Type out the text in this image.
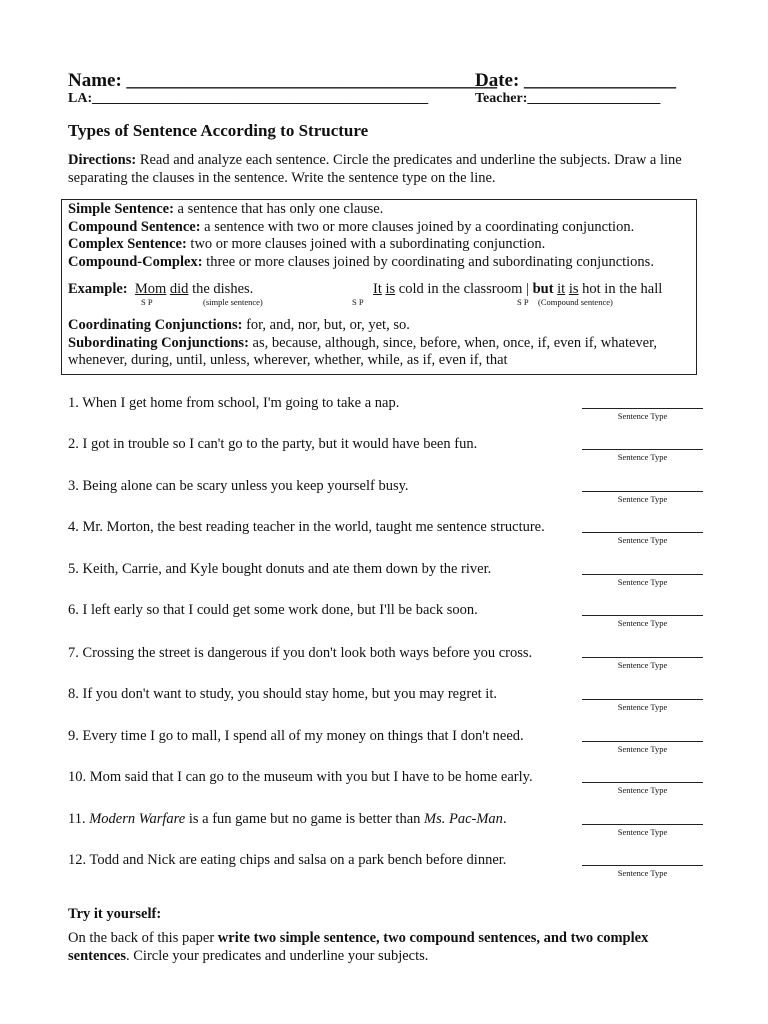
Name: _______________________________________
Date: ________________
LA:________________________________________________	Teacher:___________________
Types of Sentence According to Structure
Directions: Read and analyze each sentence. Circle the predicates and underline the subjects. Draw a line separating the clauses in the sentence. Write the sentence type on the line.
Simple Sentence: a sentence that has only one clause.
Compound Sentence: a sentence with two or more clauses joined by a coordinating conjunction.
Complex Sentence: two or more clauses joined with a subordinating conjunction.
Compound-Complex: three or more clauses joined by coordinating and subordinating conjunctions.
Example: Mom did the dishes.
S P	(simple sentence)
It is cold in the classroom | but it is hot in the hall
S P	S P (Compound sentence)
Coordinating Conjunctions: for, and, nor, but, or, yet, so.
Subordinating Conjunctions: as, because, although, since, before, when, once, if, even if, whatever,
whenever, during, until, unless, wherever, whether, while, as if, even if, that
1. When I get home from school, I'm going to take a nap.
2. I got in trouble so I can't go to the party, but it would have been fun.
3. Being alone can be scary unless you keep yourself busy.
4. Mr. Morton, the best reading teacher in the world, taught me sentence structure.
5. Keith, Carrie, and Kyle bought donuts and ate them down by the river.
6. I left early so that I could get some work done, but I'll be back soon.
7. Crossing the street is dangerous if you don't look both ways before you cross.
8. If you don't want to study, you should stay home, but you may regret it.
9. Every time I go to mall, I spend all of my money on things that I don't need.
10. Mom said that I can go to the museum with you but I have to be home early.
11. Modern Warfare is a fun game but no game is better than Ms. Pac-Man.
12. Todd and Nick are eating chips and salsa on a park bench before dinner.
Sentence Type
Sentence Type
Sentence Type
Sentence Type
Sentence Type
Sentence Type
Sentence Type
Sentence Type
Sentence Type
Sentence Type
Sentence Type
Sentence Type
Try it yourself:
On the back of this paper write two simple sentence, two compound sentences, and two complex sentences. Circle your predicates and underline your subjects.
